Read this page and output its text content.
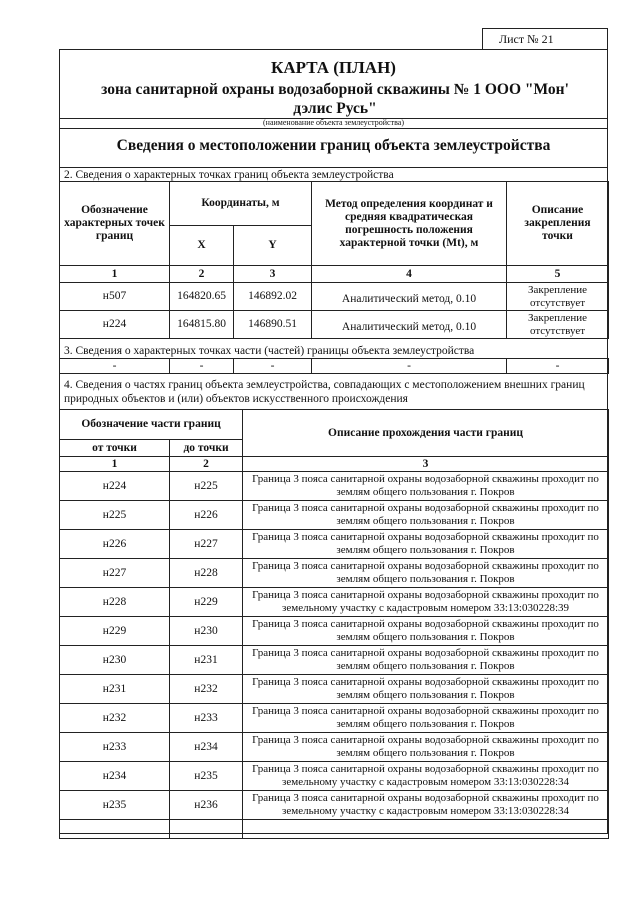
Лист № 21
КАРТА (ПЛАН)
зона санитарной охраны водозаборной скважины № 1 ООО "Мон' дэлис Русь"
(наименование объекта землеустройства)
Сведения о местоположении границ объекта землеустройства
2. Сведения о характерных точках границ объекта землеустройства
Обозначение характерных точек границ	Координаты, м		Метод определения координат и средняя квадратическая погрешность положения характерной точки (Mt), м	Описание закрепления точки
	X	Y		
1	2	3	4	5
н507	164820.65	146892.02	Аналитический метод, 0.10	Закрепление отсутствует
н224	164815.80	146890.51	Аналитический метод, 0.10	Закрепление отсутствует
3. Сведения о характерных точках части (частей) границы объекта землеустройства
-	-	-	-	-
4. Сведения о частях границ объекта землеустройства, совпадающих с местоположением внешних границ природных объектов и (или) объектов искусственного происхождения
Обозначение части границ		Описание прохождения части границ
от точки	до точки	
1	2	3
н224	н225	Граница 3 пояса санитарной охраны водозаборной скважины проходит по землям общего пользования г. Покров
н225	н226	Граница 3 пояса санитарной охраны водозаборной скважины проходит по землям общего пользования г. Покров
н226	н227	Граница 3 пояса санитарной охраны водозаборной скважины проходит по землям общего пользования г. Покров
н227	н228	Граница 3 пояса санитарной охраны водозаборной скважины проходит по землям общего пользования г. Покров
н228	н229	Граница 3 пояса санитарной охраны водозаборной скважины проходит по земельному участку с кадастровым номером 33:13:030228:39
н229	н230	Граница 3 пояса санитарной охраны водозаборной скважины проходит по землям общего пользования г. Покров
н230	н231	Граница 3 пояса санитарной охраны водозаборной скважины проходит по землям общего пользования г. Покров
н231	н232	Граница 3 пояса санитарной охраны водозаборной скважины проходит по землям общего пользования г. Покров
н232	н233	Граница 3 пояса санитарной охраны водозаборной скважины проходит по землям общего пользования г. Покров
н233	н234	Граница 3 пояса санитарной охраны водозаборной скважины проходит по землям общего пользования г. Покров
н234	н235	Граница 3 пояса санитарной охраны водозаборной скважины проходит по земельному участку с кадастровым номером 33:13:030228:34
н235	н236	Граница 3 пояса санитарной охраны водозаборной скважины проходит по земельному участку с кадастровым номером 33:13:030228:34
